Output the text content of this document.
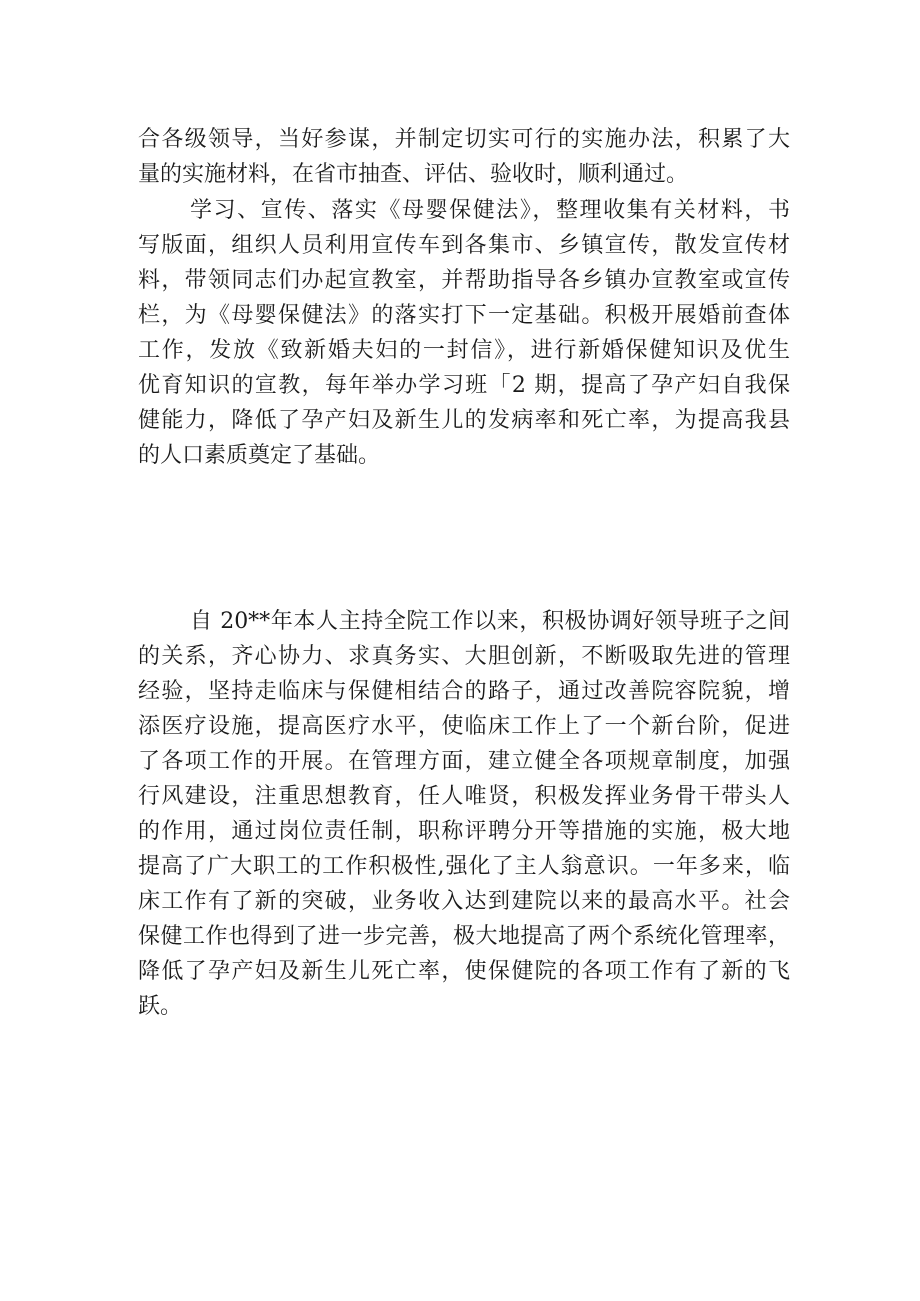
合各级领导，当好参谋，并制定切实可行的实施办法，积累了大
量的实施材料，在省市抽查、评估、验收时，顺利通过。
学习、宣传、落实《母婴保健法》，整理收集有关材料，书
写版面，组织人员利用宣传车到各集市、乡镇宣传，散发宣传材
料，带领同志们办起宣教室，并帮助指导各乡镇办宣教室或宣传
栏，为《母婴保健法》的落实打下一定基础。积极开展婚前查体
工作，发放《致新婚夫妇的一封信》，进行新婚保健知识及优生
优育知识的宣教，每年举办学习班「2 期，提高了孕产妇自我保
健能力，降低了孕产妇及新生儿的发病率和死亡率，为提高我县
的人口素质奠定了基础。
自 20**年本人主持全院工作以来，积极协调好领导班子之间
的关系，齐心协力、求真务实、大胆创新，不断吸取先进的管理
经验，坚持走临床与保健相结合的路子，通过改善院容院貌，增
添医疗设施，提高医疗水平，使临床工作上了一个新台阶，促进
了各项工作的开展。在管理方面，建立健全各项规章制度，加强
行风建设，注重思想教育，任人唯贤，积极发挥业务骨干带头人
的作用，通过岗位责任制，职称评聘分开等措施的实施，极大地
提高了广大职工的工作积极性,强化了主人翁意识。一年多来，临
床工作有了新的突破，业务收入达到建院以来的最高水平。社会
保健工作也得到了进一步完善，极大地提高了两个系统化管理率，
降低了孕产妇及新生儿死亡率，使保健院的各项工作有了新的飞
跃。
